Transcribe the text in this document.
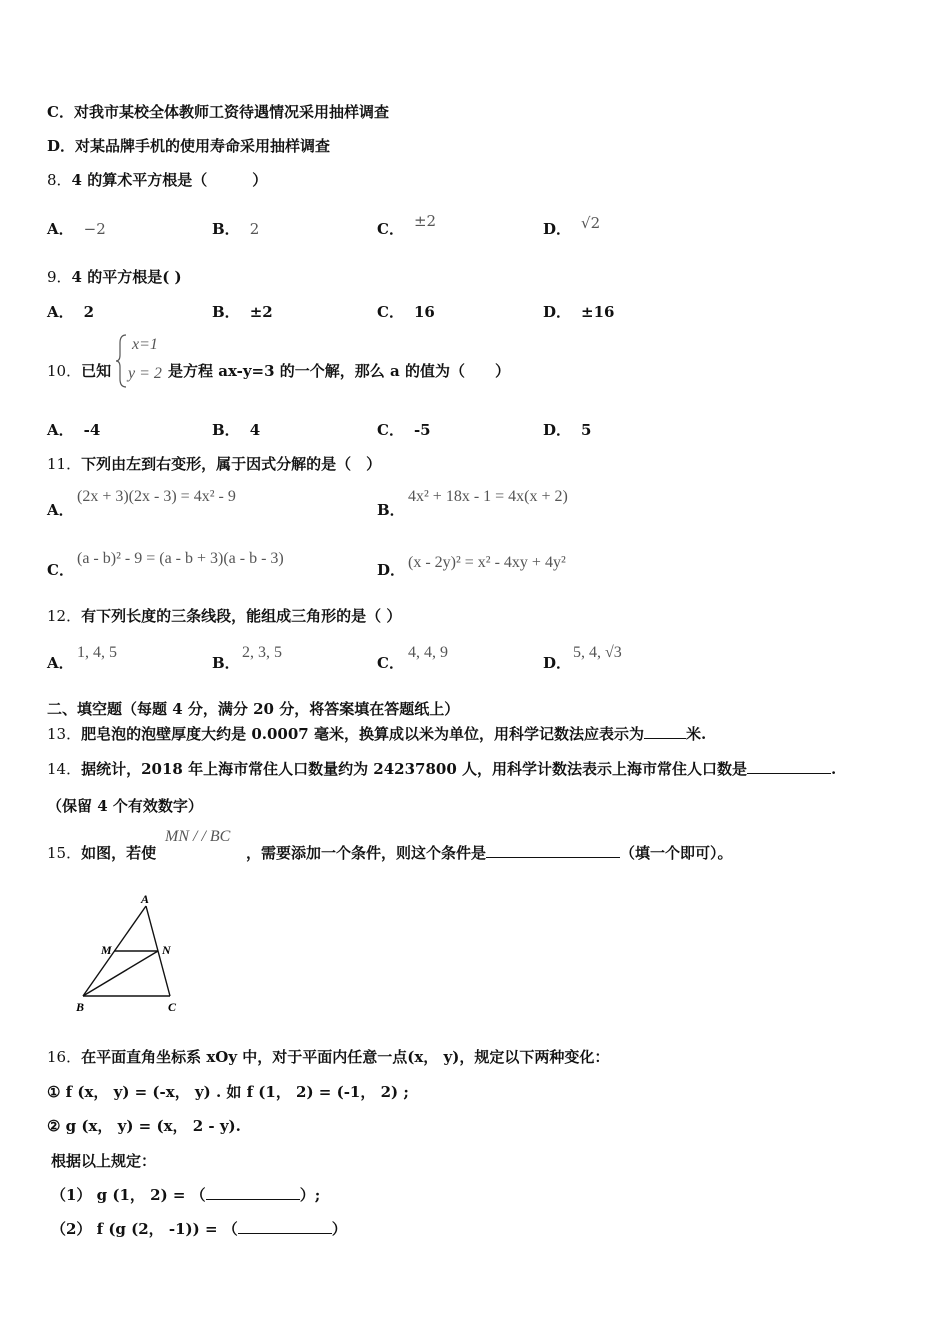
C．对我市某校全体教师工资待遇情况采用抽样调查
D．对某品牌手机的使用寿命采用抽样调查
8．4 的算术平方根是（　　　）
A． −2	B． 2	C． ±2	D． √2
9．4 的平方根是( )
A． 2	B． ±2	C． 16	D． ±16
10．已知
x=1
y = 2 是方程 ax-y=3 的一个解，那么 a 的值为（　　）
A． -4	B． 4	C． -5	D． 5
11．下列由左到右变形，属于因式分解的是（　）
A．
(2x + 3)(2x - 3) = 4x² - 9
B．
4x² + 18x - 1 = 4x(x + 2)
C．
(a - b)² - 9 = (a - b + 3)(a - b - 3)
D． (x - 2y)² = x² - 4xy + 4y²
12．有下列长度的三条线段，能组成三角形的是（ ）
A．
1, 4, 5
B．
2, 3, 5
C．
4, 4, 9
D．
5, 4, √3
二、填空题（每题 4 分，满分 20 分，将答案填在答题纸上）
13．肥皂泡的泡壁厚度大约是 0.0007 毫米，换算成以米为单位，用科学记数法应表示为	米.
14．据统计，2018 年上海市常住人口数量约为 24237800 人，用科学计数法表示上海市常住人口数是	.
（保留 4 个有效数字）
15．如图，若使
MN / / BC
，需要添加一个条件，则这个条件是	（填一个即可）。
A
M	N
B	C
16．在平面直角坐标系 xOy 中，对于平面内任意一点(x， y)，规定以下两种变化：
① f (x， y) = (-x， y) . 如 f (1， 2) = (-1， 2) ;
② g (x， y) = (x， 2 - y).
根据以上规定：
（1） g (1， 2) = （	）;
（2） f (g (2， -1)) = （	）
